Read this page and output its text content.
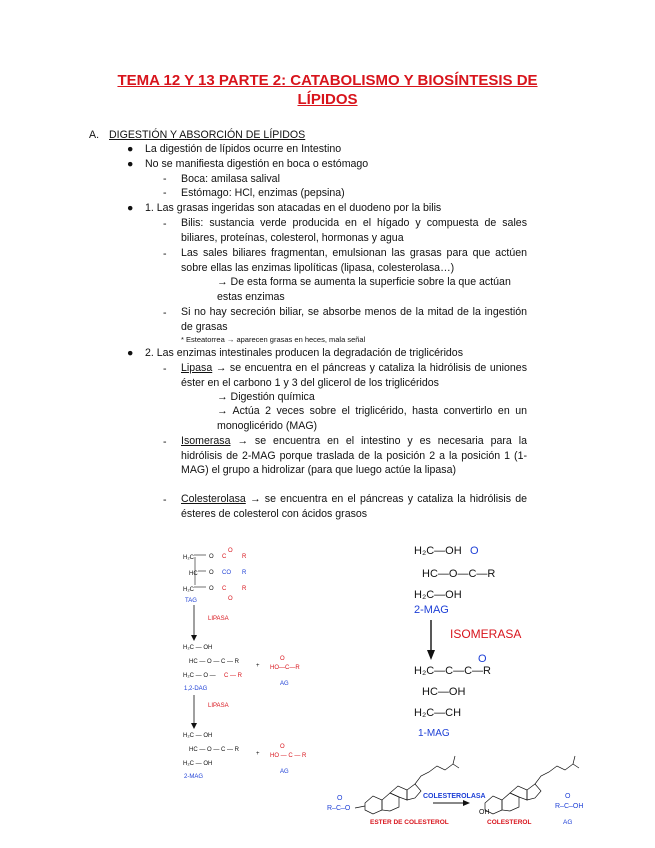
TEMA 12 Y 13 PARTE 2: CATABOLISMO Y BIOSÍNTESIS DE
LÍPIDOS
A. DIGESTIÓN Y ABSORCIÓN DE LÍPIDOS
● La digestión de lípidos ocurre en Intestino
● No se manifiesta digestión en boca o estómago
- Boca: amilasa salival
- Estómago: HCl, enzimas (pepsina)
● 1. Las grasas ingeridas son atacadas en el duodeno por la bilis
- Bilis: sustancia verde producida en el hígado y compuesta de sales biliares, proteínas, colesterol, hormonas y agua
- Las sales biliares fragmentan, emulsionan las grasas para que actúen sobre ellas las enzimas lipolíticas (lipasa, colesterolasa…)
→ De esta forma se aumenta la superficie sobre la que actúan
estas enzimas
- Si no hay secreción biliar, se absorbe menos de la mitad de la ingestión de grasas
* Esteatorrea → aparecen grasas en heces, mala señal
● 2. Las enzimas intestinales producen la degradación de triglicéridos
- Lipasa → se encuentra en el páncreas y cataliza la hidrólisis de uniones éster en el carbono 1 y 3 del glicerol de los triglicéridos
→ Digestión química
→ Actúa 2 veces sobre el triglicérido, hasta convertirlo en un monoglicérido (MAG)
- Isomerasa → se encuentra en el intestino y es necesaria para la hidrólisis de 2-MAG porque traslada de la posición 2 a la posición 1 (1-MAG) el grupo a hidrolizar (para que luego actúe la lipasa)
- Colesterolasa → se encuentra en el páncreas y cataliza la hidrólisis de ésteres de colesterol con ácidos grasos
H₂C
HC
H₂C
O
O
O
C
C
O
R
R
O
LIPASA
CO R
TAG
H₂C — OH
HC — O — C — R
H₂C — O —
1,2-DAG
C — R
LIPASA
HO—C—R
O
AG
+
H₂C — OH
HC — O — C — R
H₂C — OH
2-MAG
HO — C — R
O
AG
+
H₂C—OH
HC—O—C—R
H₂C—OH
O
2-MAG
ISOMERASA
H₂C—C—C—R
HC—OH
H₂C—CH
O
1-MAG
R–C–O
O
R–C–OH
O
COLESTEROLASA
ESTER DE COLESTEROL	COLESTEROL
OH
AG
